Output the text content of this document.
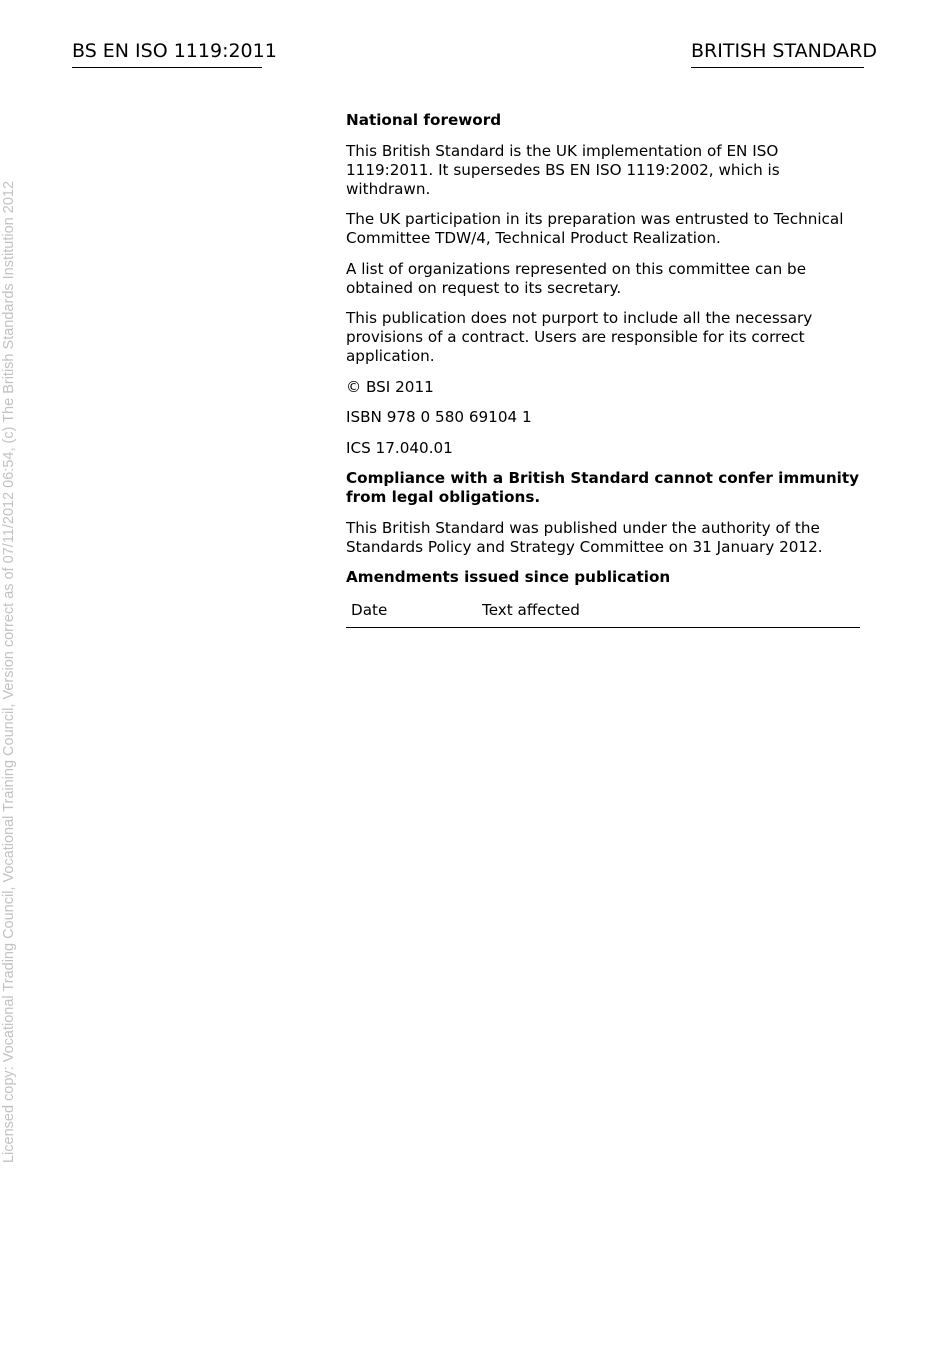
BS EN ISO 1119:2011	BRITISH STANDARD
Licensed copy: Vocational Trading Council, Vocational Training Council, Version correct as of 07/11/2012 06:54, (c) The British Standards Institution 2012

National foreword

This British Standard is the UK implementation of EN ISO 1119:2011. It supersedes BS EN ISO 1119:2002, which is withdrawn.

The UK participation in its preparation was entrusted to Technical Committee TDW/4, Technical Product Realization.

A list of organizations represented on this committee can be obtained on request to its secretary.

This publication does not purport to include all the necessary provisions of a contract. Users are responsible for its correct application.

© BSI 2011

ISBN 978 0 580 69104 1

ICS 17.040.01

Compliance with a British Standard cannot confer immunity from legal obligations.

This British Standard was published under the authority of the Standards Policy and Strategy Committee on 31 January 2012.

Amendments issued since publication

Date	Text affected
